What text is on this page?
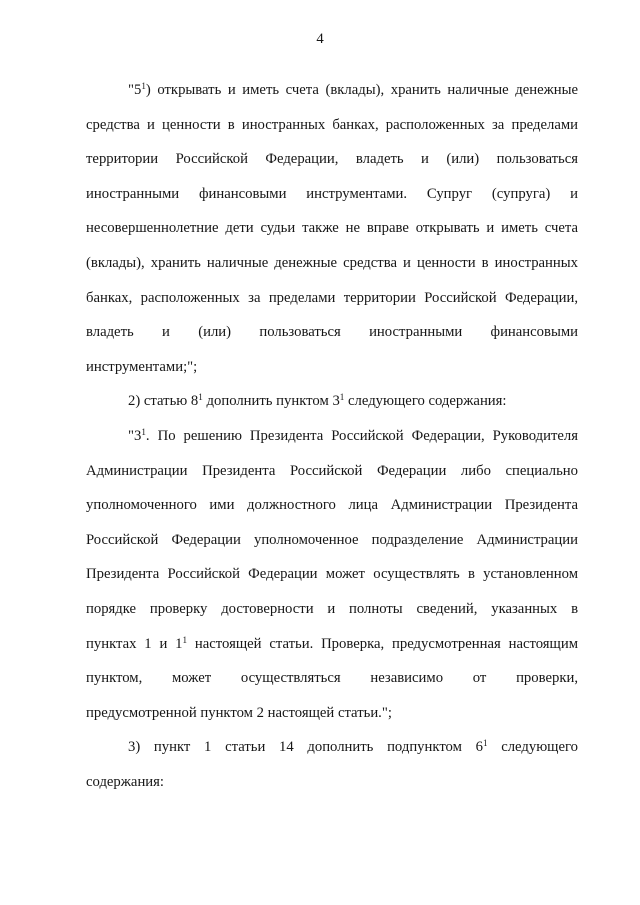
4
"$5^1$) открывать и иметь счета (вклады), хранить наличные денежные
средства и ценности в иностранных банках, расположенных за пределами
территории Российской Федерации, владеть и (или) пользоваться
иностранными финансовыми инструментами. Супруг (супруга) и
несовершеннолетние дети судьи также не вправе открывать и иметь счета
(вклады), хранить наличные денежные средства и ценности в иностранных
банках, расположенных за пределами территории Российской Федерации,
владеть и (или) пользоваться иностранными финансовыми
инструментами;";
2) статью $8^1$ дополнить пунктом $3^1$ следующего содержания:
"$3^1$. По решению Президента Российской Федерации, Руководителя
Администрации Президента Российской Федерации либо специально
уполномоченного ими должностного лица Администрации Президента
Российской Федерации уполномоченное подразделение Администрации
Президента Российской Федерации может осуществлять в установленном
порядке проверку достоверности и полноты сведений, указанных в
пунктах 1 и $1^1$ настоящей статьи. Проверка, предусмотренная настоящим
пунктом, может осуществляться независимо от проверки,
предусмотренной пунктом 2 настоящей статьи.";
3) пункт 1 статьи 14 дополнить подпунктом $6^1$ следующего
содержания:
